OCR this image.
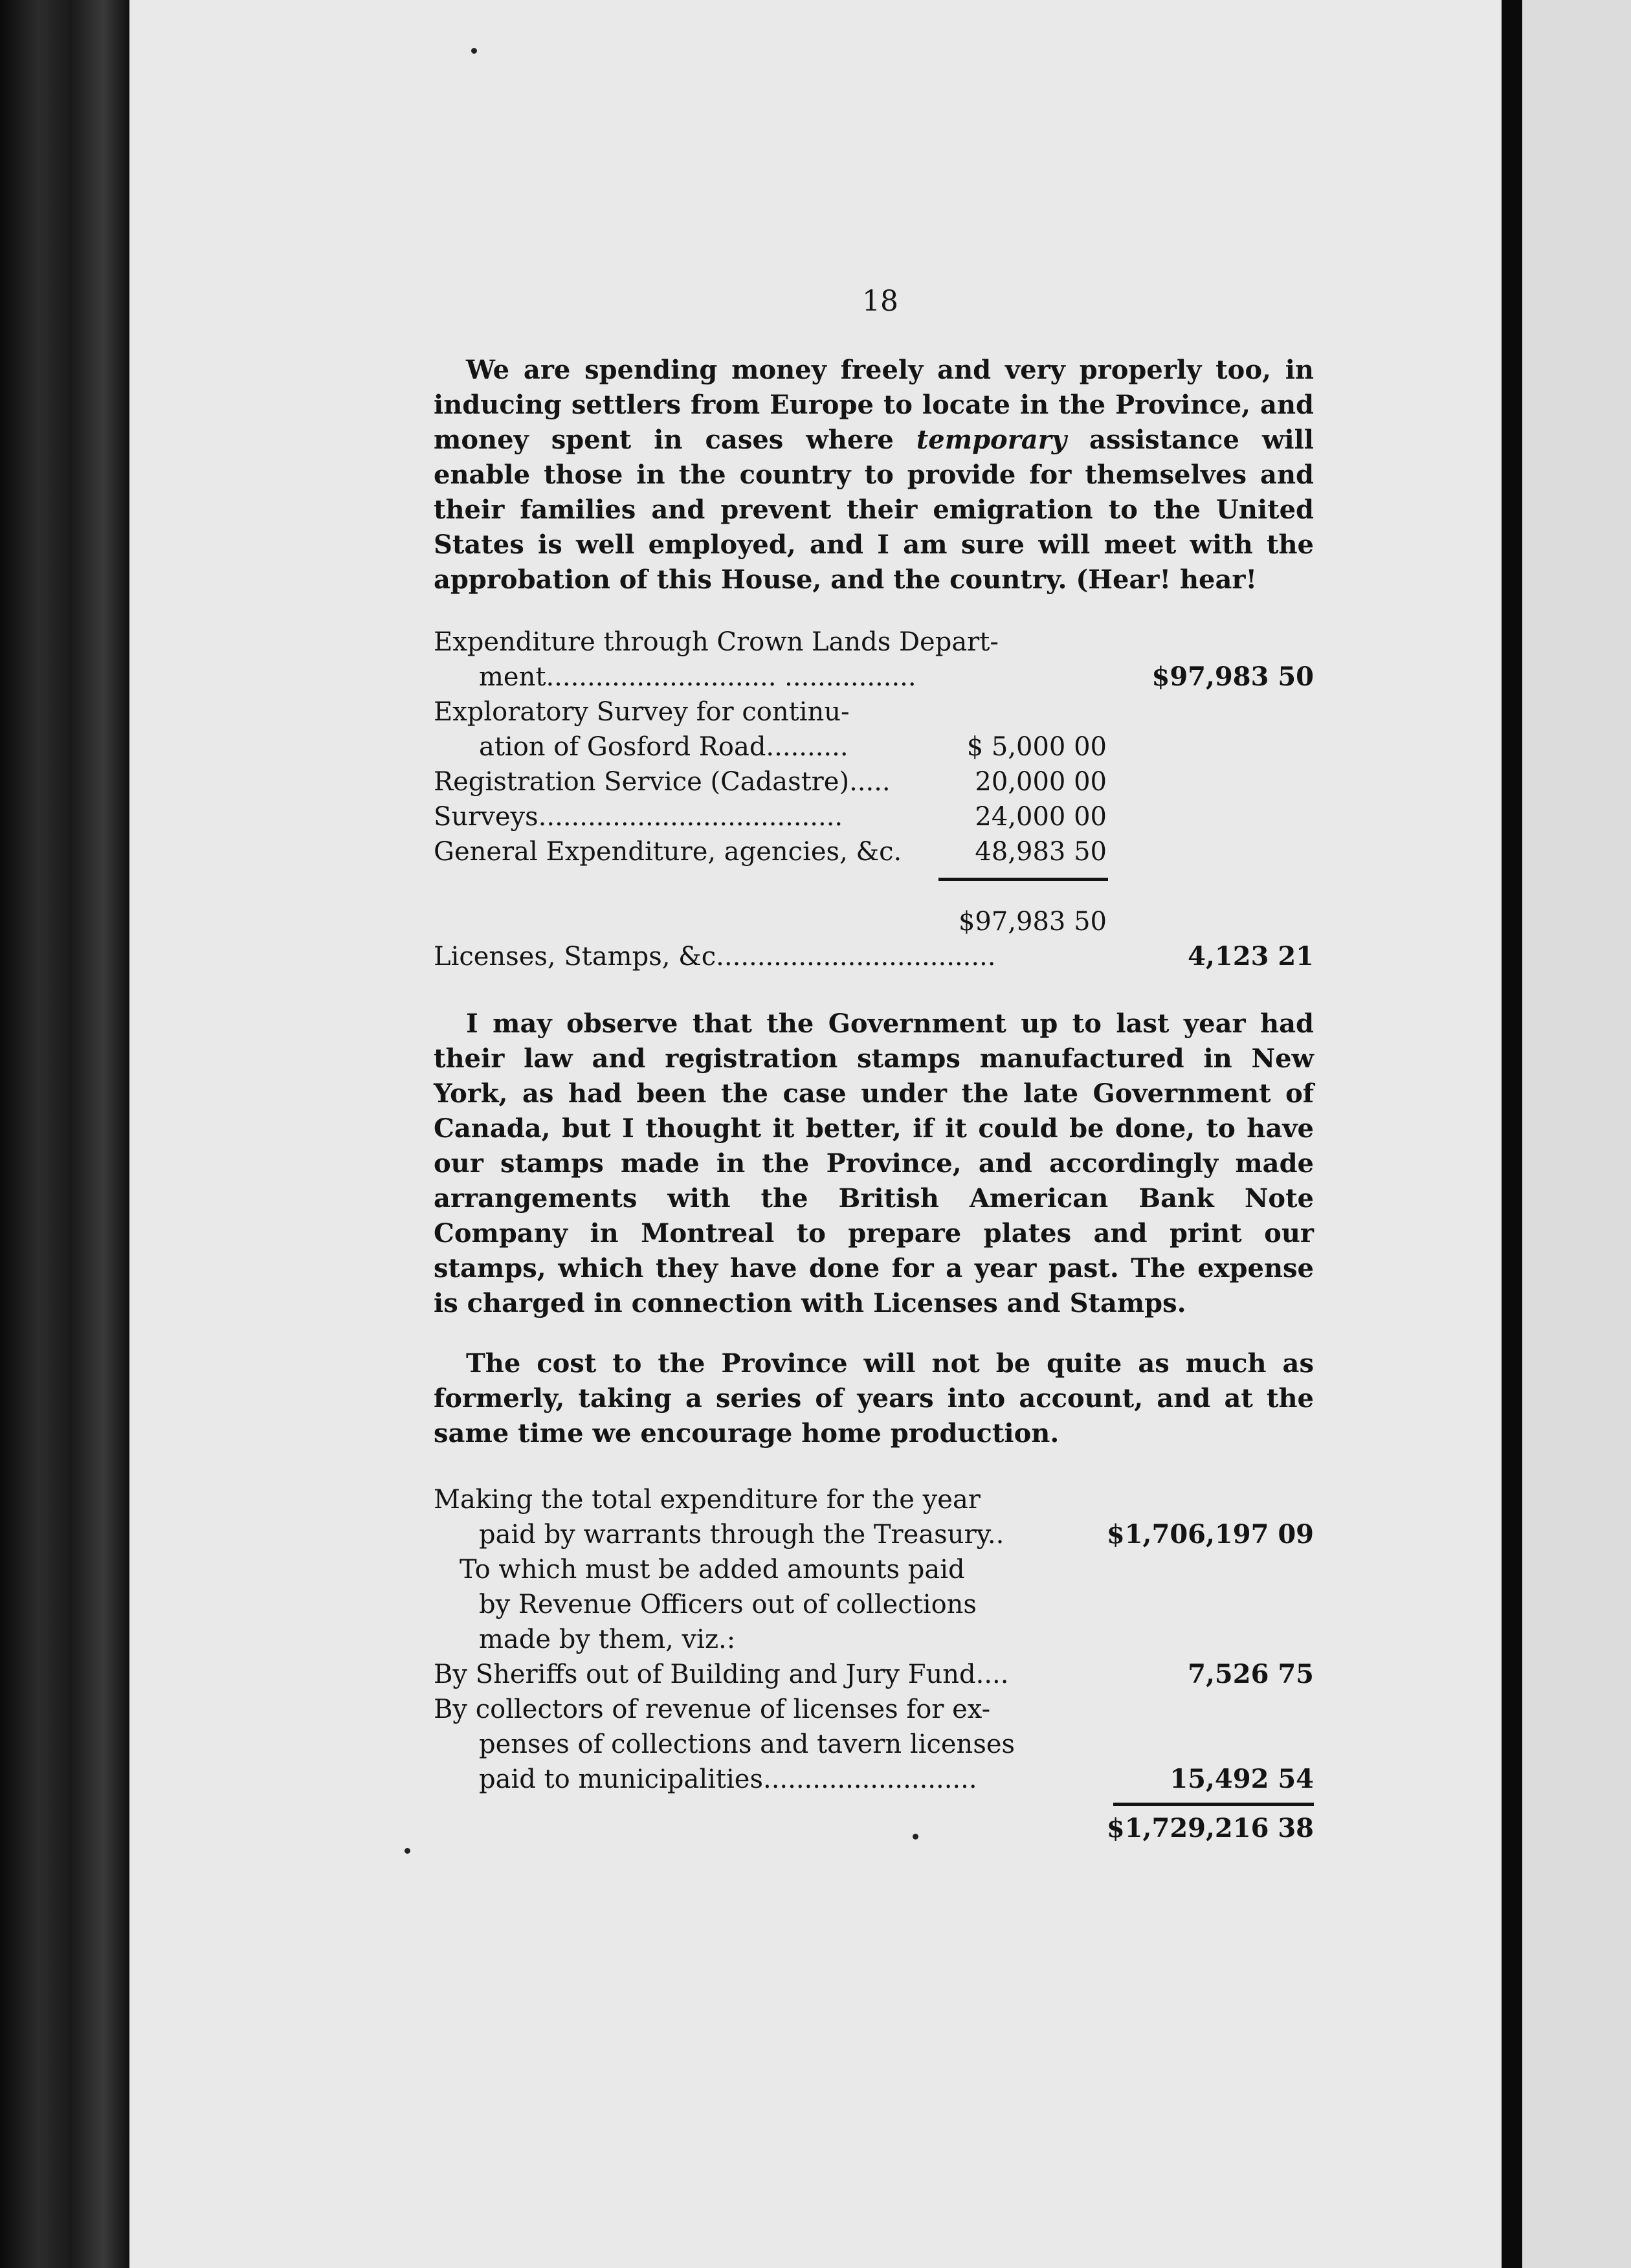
18

We are spending money freely and very properly too, in inducing settlers from Europe to locate in the Province, and money spent in cases where temporary assistance will enable those in the country to provide for themselves and their families and prevent their emigration to the United States is well employed, and I am sure will meet with the approbation of this House, and the country. (Hear! hear!

Expenditure through Crown Lands Depart-
ment............................ ................	$97,983 50
Exploratory Survey for continu-
ation of Gosford Road..........	$ 5,000 00
Registration Service (Cadastre).....	20,000 00
Surveys.....................................	24,000 00
General Expenditure, agencies, &c.	48,983 50
$97,983 50
Licenses, Stamps, &c..................................	4,123 21

I may observe that the Government up to last year had their law and registration stamps manufactured in New York, as had been the case under the late Government of Canada, but I thought it better, if it could be done, to have our stamps made in the Province, and accordingly made arrangements with the British American Bank Note Company in Montreal to prepare plates and print our stamps, which they have done for a year past. The expense is charged in connection with Licenses and Stamps.

The cost to the Province will not be quite as much as formerly, taking a series of years into account, and at the same time we encourage home production.

Making the total expenditure for the year
paid by warrants through the Treasury..	$1,706,197 09
To which must be added amounts paid
by Revenue Officers out of collections
made by them, viz.:
By Sheriffs out of Building and Jury Fund....	7,526 75
By collectors of revenue of licenses for ex-
penses of collections and tavern licenses
paid to municipalities..........................	15,492 54
$1,729,216 38
